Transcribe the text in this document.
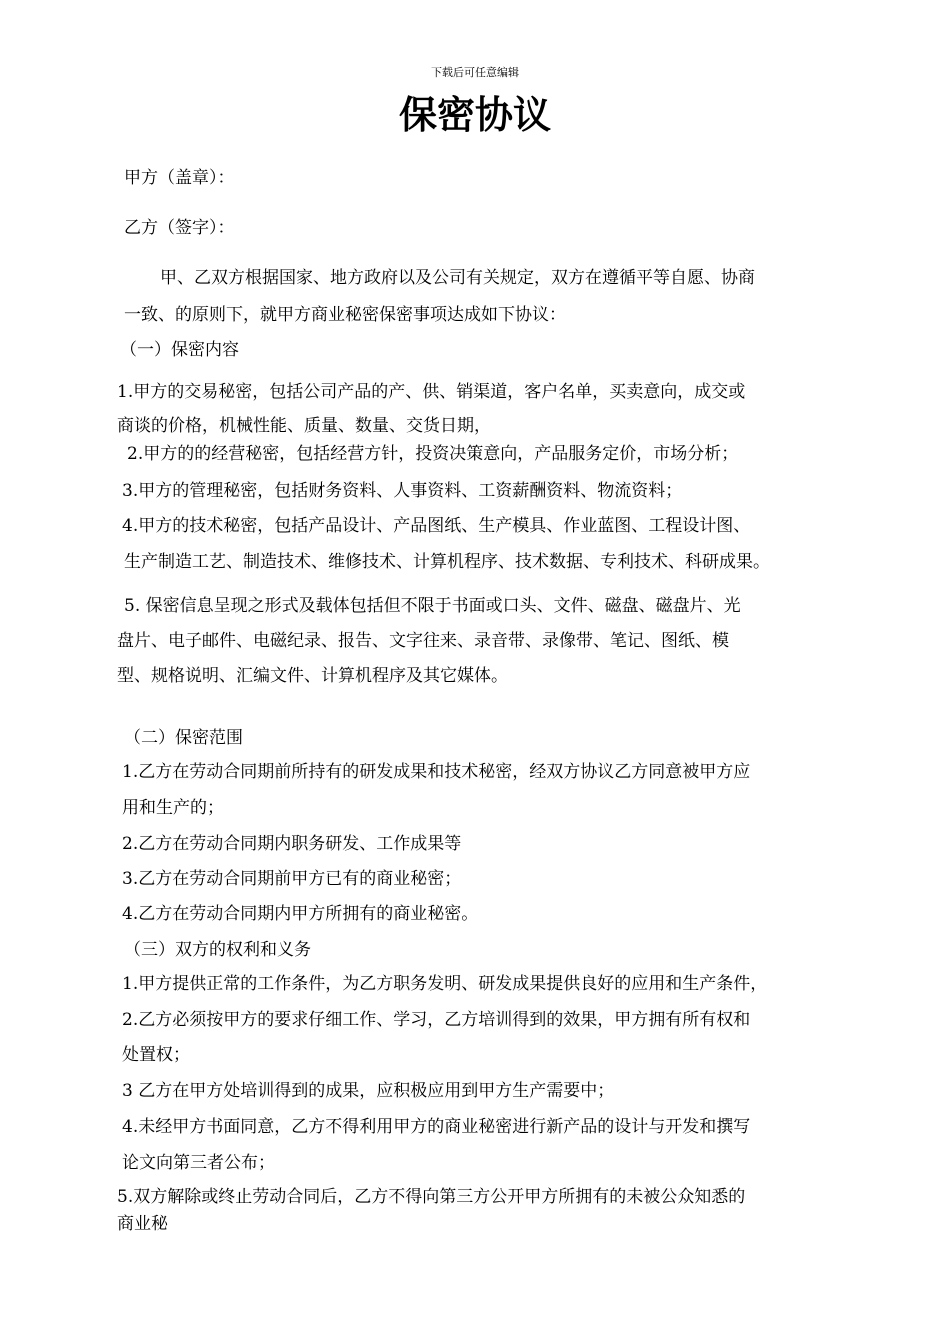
下载后可任意编辑
保密协议
甲方（盖章）：
乙方（签字）：
甲、乙双方根据国家、地方政府以及公司有关规定，双方在遵循平等自愿、协商
一致、的原则下，就甲方商业秘密保密事项达成如下协议：
（一）保密内容
1.甲方的交易秘密，包括公司产品的产、供、销渠道，客户名单，买卖意向，成交或
商谈的价格，机械性能、质量、数量、交货日期，
2.甲方的的经营秘密，包括经营方针，投资决策意向，产品服务定价，市场分析；
3.甲方的管理秘密，包括财务资料、人事资料、工资薪酬资料、物流资料；
4.甲方的技术秘密，包括产品设计、产品图纸、生产模具、作业蓝图、工程设计图、
生产制造工艺、制造技术、维修技术、计算机程序、技术数据、专利技术、科研成果。
5. 保密信息呈现之形式及载体包括但不限于书面或口头、文件、磁盘、磁盘片、光
盘片、电子邮件、电磁纪录、报告、文字往来、录音带、录像带、笔记、图纸、模
型、规格说明、汇编文件、计算机程序及其它媒体。
（二）保密范围
1.乙方在劳动合同期前所持有的研发成果和技术秘密，经双方协议乙方同意被甲方应
用和生产的；
2.乙方在劳动合同期内职务研发、工作成果等
3.乙方在劳动合同期前甲方已有的商业秘密；
4.乙方在劳动合同期内甲方所拥有的商业秘密。
（三）双方的权利和义务
1.甲方提供正常的工作条件，为乙方职务发明、研发成果提供良好的应用和生产条件，
2.乙方必须按甲方的要求仔细工作、学习，乙方培训得到的效果，甲方拥有所有权和
处置权；
3 乙方在甲方处培训得到的成果，应积极应用到甲方生产需要中；
4.未经甲方书面同意，乙方不得利用甲方的商业秘密进行新产品的设计与开发和撰写
论文向第三者公布；
5.双方解除或终止劳动合同后，乙方不得向第三方公开甲方所拥有的未被公众知悉的
商业秘
